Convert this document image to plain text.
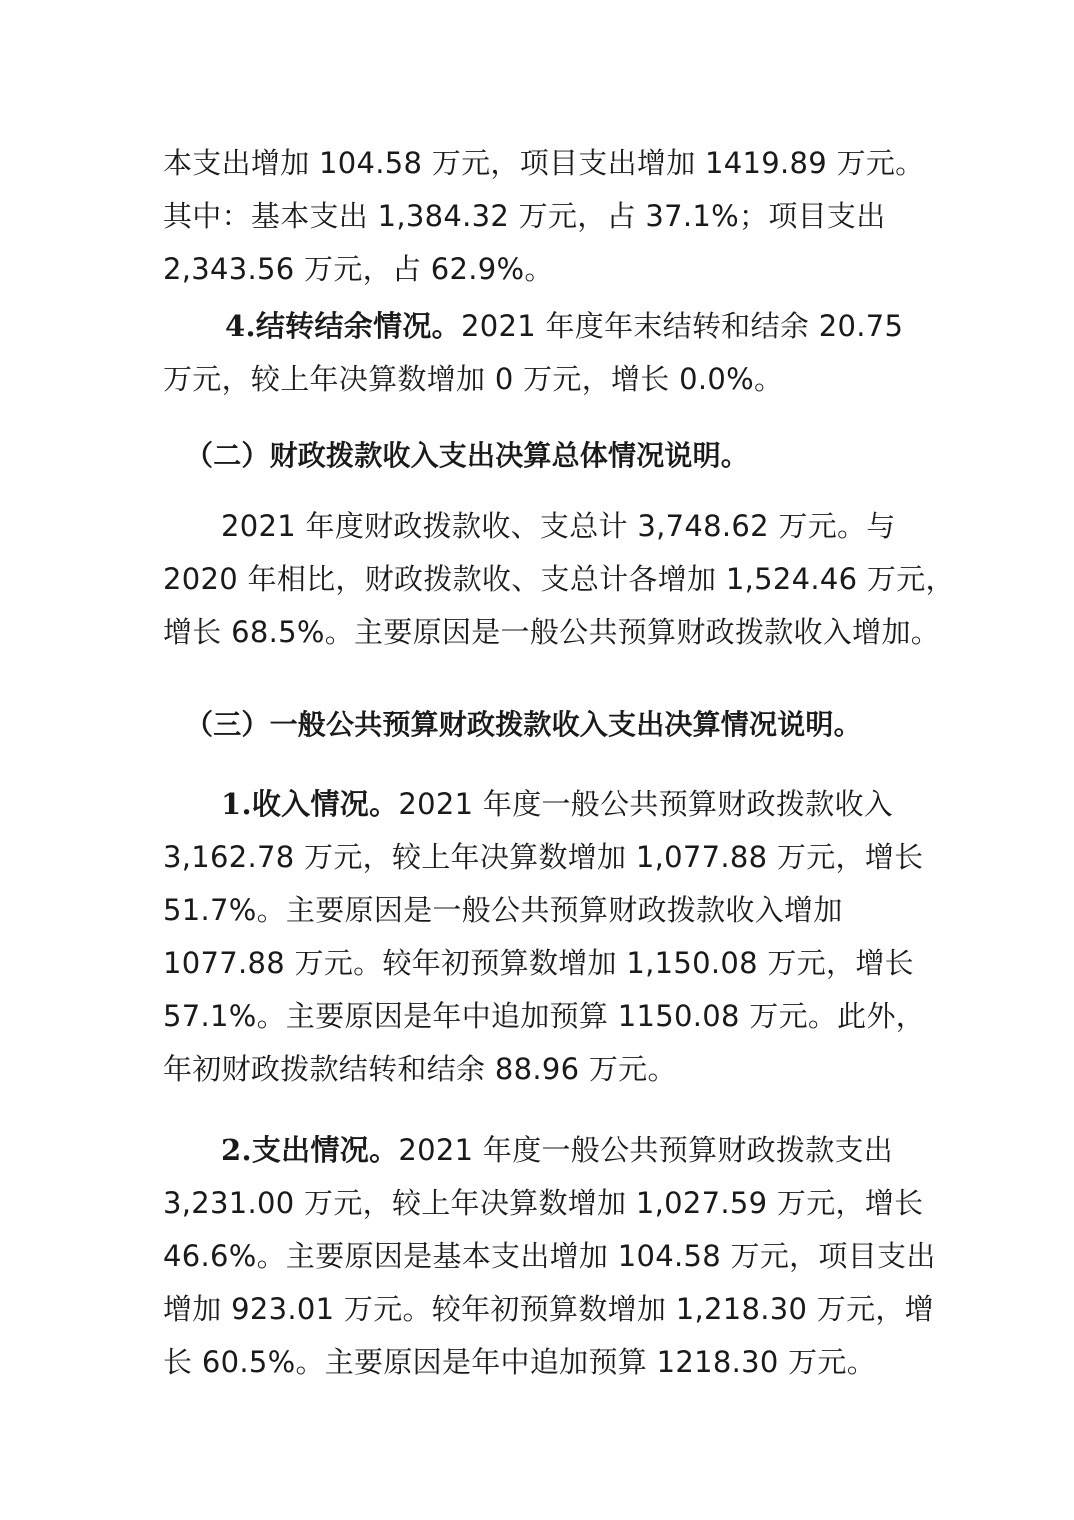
本支出增加 104.58 万元，项目支出增加 1419.89 万元。
其中：基本支出 1,384.32 万元，占 37.1%；项目支出
2,343.56 万元，占 62.9%。
4.结转结余情况。2021 年度年末结转和结余 20.75
万元，较上年决算数增加 0 万元，增长 0.0%。
（二）财政拨款收入支出决算总体情况说明。
2021 年度财政拨款收、支总计 3,748.62 万元。与
2020 年相比，财政拨款收、支总计各增加 1,524.46 万元，
增长 68.5%。主要原因是一般公共预算财政拨款收入增加。
（三）一般公共预算财政拨款收入支出决算情况说明。
1.收入情况。2021 年度一般公共预算财政拨款收入
3,162.78 万元，较上年决算数增加 1,077.88 万元，增长
51.7%。主要原因是一般公共预算财政拨款收入增加
1077.88 万元。较年初预算数增加 1,150.08 万元，增长
57.1%。主要原因是年中追加预算 1150.08 万元。此外，
年初财政拨款结转和结余 88.96 万元。
2.支出情况。2021 年度一般公共预算财政拨款支出
3,231.00 万元，较上年决算数增加 1,027.59 万元，增长
46.6%。主要原因是基本支出增加 104.58 万元，项目支出
增加 923.01 万元。较年初预算数增加 1,218.30 万元，增
长 60.5%。主要原因是年中追加预算 1218.30 万元。
